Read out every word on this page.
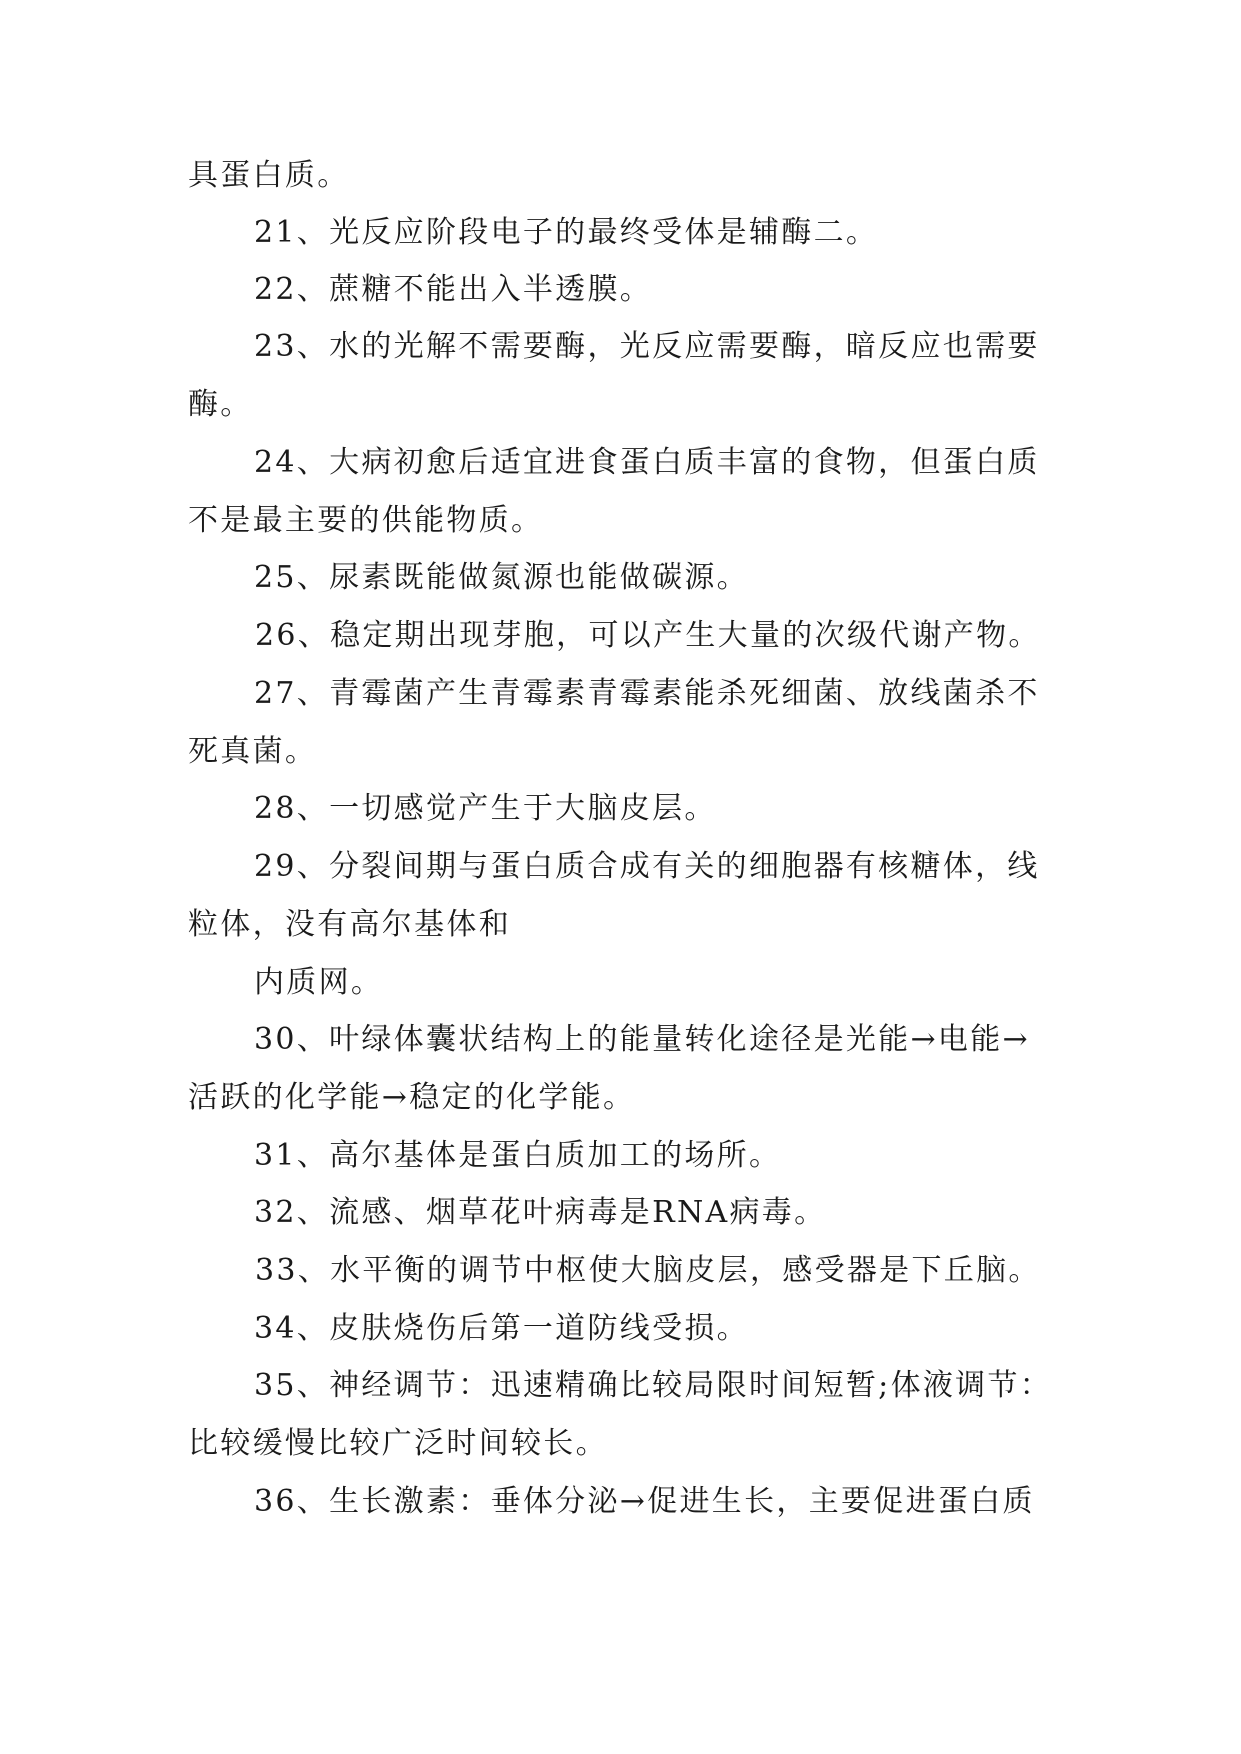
具蛋白质。
21、光反应阶段电子的最终受体是辅酶二。
22、蔗糖不能出入半透膜。
23、水的光解不需要酶，光反应需要酶，暗反应也需要
酶。
24、大病初愈后适宜进食蛋白质丰富的食物，但蛋白质
不是最主要的供能物质。
25、尿素既能做氮源也能做碳源。
26、稳定期出现芽胞，可以产生大量的次级代谢产物。
27、青霉菌产生青霉素青霉素能杀死细菌、放线菌杀不
死真菌。
28、一切感觉产生于大脑皮层。
29、分裂间期与蛋白质合成有关的细胞器有核糖体，线
粒体，没有高尔基体和
内质网。
30、叶绿体囊状结构上的能量转化途径是光能→电能→
活跃的化学能→稳定的化学能。
31、高尔基体是蛋白质加工的场所。
32、流感、烟草花叶病毒是RNA病毒。
33、水平衡的调节中枢使大脑皮层，感受器是下丘脑。
34、皮肤烧伤后第一道防线受损。
35、神经调节：迅速精确比较局限时间短暂;体液调节：
比较缓慢比较广泛时间较长。
36、生长激素：垂体分泌→促进生长，主要促进蛋白质
